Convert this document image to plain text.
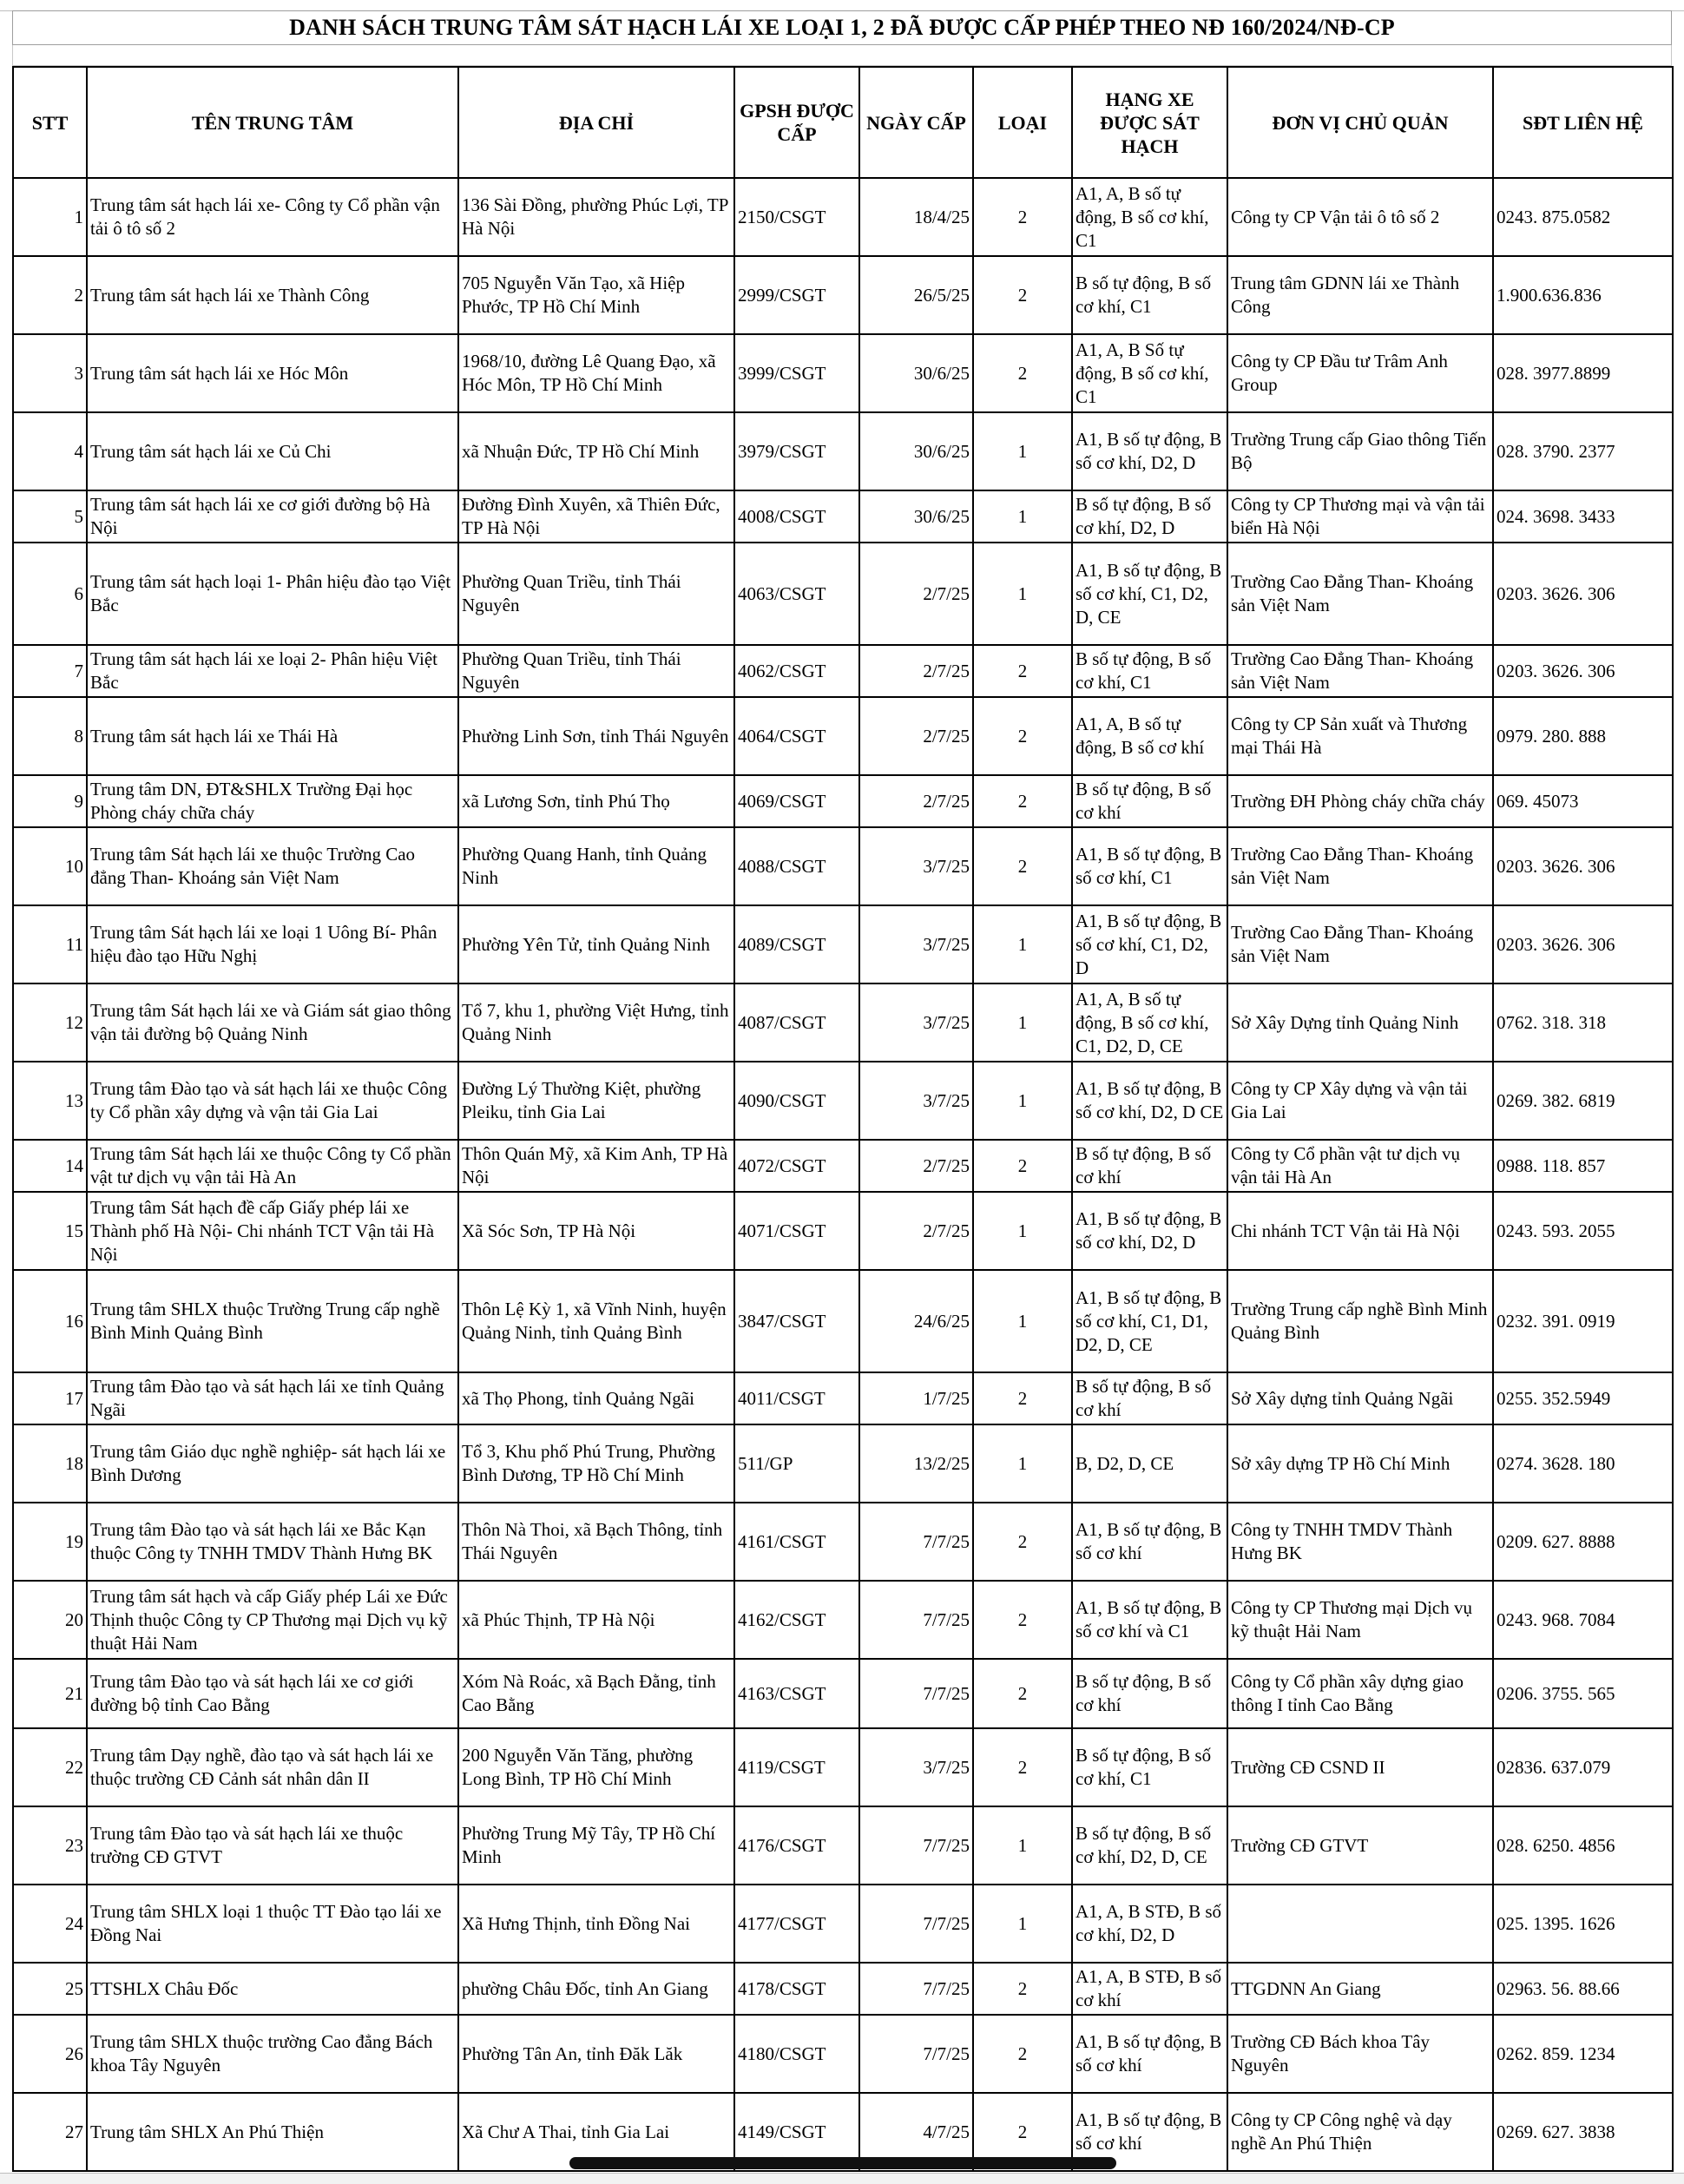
DANH SÁCH TRUNG TÂM SÁT HẠCH LÁI XE LOẠI 1, 2 ĐÃ ĐƯỢC CẤP PHÉP THEO NĐ 160/2024/NĐ-CP
STT	TÊN TRUNG TÂM	ĐỊA CHỈ	GPSH ĐƯỢC CẤP	NGÀY CẤP	LOẠI	HẠNG XE ĐƯỢC SÁT HẠCH	ĐƠN VỊ CHỦ QUẢN	SĐT LIÊN HỆ
1	Trung tâm sát hạch lái xe- Công ty Cổ phần vận tải ô tô số 2	136 Sài Đồng, phường Phúc Lợi, TP Hà Nội	2150/CSGT	18/4/25	2	A1, A, B số tự động, B số cơ khí, C1	Công ty CP Vận tải ô tô số 2	0243. 875.0582
2	Trung tâm sát hạch lái xe Thành Công	705 Nguyễn Văn Tạo, xã Hiệp Phước, TP Hồ Chí Minh	2999/CSGT	26/5/25	2	B số tự động, B số cơ khí, C1	Trung tâm GDNN lái xe Thành Công	1.900.636.836
3	Trung tâm sát hạch lái xe Hóc Môn	1968/10, đường Lê Quang Đạo, xã Hóc Môn, TP Hồ Chí Minh	3999/CSGT	30/6/25	2	A1, A, B Số tự động, B số cơ khí, C1	Công ty CP Đầu tư Trâm Anh Group	028. 3977.8899
4	Trung tâm sát hạch lái xe Củ Chi	xã Nhuận Đức, TP Hồ Chí Minh	3979/CSGT	30/6/25	1	A1, B số tự động, B số cơ khí, D2, D	Trường Trung cấp Giao thông Tiến Bộ	028. 3790. 2377
5	Trung tâm sát hạch lái xe cơ giới đường bộ Hà Nội	Đường Đình Xuyên, xã Thiên Đức, TP Hà Nội	4008/CSGT	30/6/25	1	B số tự động, B số cơ khí, D2, D	Công ty CP Thương mại và vận tải biển Hà Nội	024. 3698. 3433
6	Trung tâm sát hạch loại 1- Phân hiệu đào tạo Việt Bắc	Phường Quan Triều, tỉnh Thái Nguyên	4063/CSGT	2/7/25	1	A1, B số tự động, B số cơ khí, C1, D2, D, CE	Trường Cao Đẳng Than- Khoáng sản Việt Nam	0203. 3626. 306
7	Trung tâm sát hạch lái xe loại 2- Phân hiệu Việt Bắc	Phường Quan Triều, tỉnh Thái Nguyên	4062/CSGT	2/7/25	2	B số tự động, B số cơ khí, C1	Trường Cao Đẳng Than- Khoáng sản Việt Nam	0203. 3626. 306
8	Trung tâm sát hạch lái xe Thái Hà	Phường Linh Sơn, tỉnh Thái Nguyên	4064/CSGT	2/7/25	2	A1, A, B số tự động, B số cơ khí	Công ty CP Sản xuất và Thương mại Thái Hà	0979. 280. 888
9	Trung tâm DN, ĐT&SHLX Trường Đại học Phòng cháy chữa cháy	xã Lương Sơn, tỉnh Phú Thọ	4069/CSGT	2/7/25	2	B số tự động, B số cơ khí	Trường ĐH Phòng cháy chữa cháy	069. 45073
10	Trung tâm Sát hạch lái xe thuộc Trường Cao đẳng Than- Khoáng sản Việt Nam	Phường Quang Hanh, tỉnh Quảng Ninh	4088/CSGT	3/7/25	2	A1, B số tự động, B số cơ khí, C1	Trường Cao Đẳng Than- Khoáng sản Việt Nam	0203. 3626. 306
11	Trung tâm Sát hạch lái xe loại 1 Uông Bí- Phân hiệu đào tạo Hữu Nghị	Phường Yên Tử, tỉnh Quảng Ninh	4089/CSGT	3/7/25	1	A1, B số tự động, B số cơ khí, C1, D2, D	Trường Cao Đẳng Than- Khoáng sản Việt Nam	0203. 3626. 306
12	Trung tâm Sát hạch lái xe và Giám sát giao thông vận tải đường bộ Quảng Ninh	Tổ 7, khu 1, phường Việt Hưng, tỉnh Quảng Ninh	4087/CSGT	3/7/25	1	A1, A, B số tự động, B số cơ khí, C1, D2, D, CE	Sở Xây Dựng tỉnh Quảng Ninh	0762. 318. 318
13	Trung tâm Đào tạo và sát hạch lái xe thuộc Công ty Cổ phần xây dựng và vận tải Gia Lai	Đường Lý Thường Kiệt, phường Pleiku, tỉnh Gia Lai	4090/CSGT	3/7/25	1	A1, B số tự động, B số cơ khí, D2, D CE	Công ty CP Xây dựng và vận tải Gia Lai	0269. 382. 6819
14	Trung tâm Sát hạch lái xe thuộc Công ty Cổ phần vật tư dịch vụ vận tải Hà An	Thôn Quán Mỹ, xã Kim Anh, TP Hà Nội	4072/CSGT	2/7/25	2	B số tự động, B số cơ khí	Công ty Cổ phần vật tư dịch vụ vận tải Hà An	0988. 118. 857
15	Trung tâm Sát hạch đề cấp Giấy phép lái xe Thành phố Hà Nội- Chi nhánh TCT Vận tải Hà Nội	Xã Sóc Sơn, TP Hà Nội	4071/CSGT	2/7/25	1	A1, B số tự động, B số cơ khí, D2, D	Chi nhánh TCT Vận tải Hà Nội	0243. 593. 2055
16	Trung tâm SHLX thuộc Trường Trung cấp nghề Bình Minh Quảng Bình	Thôn Lệ Kỳ 1, xã Vĩnh Ninh, huyện Quảng Ninh, tỉnh Quảng Bình	3847/CSGT	24/6/25	1	A1, B số tự động, B số cơ khí, C1, D1, D2, D, CE	Trường Trung cấp nghề Bình Minh Quảng Bình	0232. 391. 0919
17	Trung tâm Đào tạo và sát hạch lái xe tỉnh Quảng Ngãi	xã Thọ Phong, tỉnh Quảng Ngãi	4011/CSGT	1/7/25	2	B số tự động, B số cơ khí	Sở Xây dựng tỉnh Quảng Ngãi	0255. 352.5949
18	Trung tâm Giáo dục nghề nghiệp- sát hạch lái xe Bình Dương	Tổ 3, Khu phố Phú Trung, Phường Bình Dương, TP Hồ Chí Minh	511/GP	13/2/25	1	B, D2, D, CE	Sở xây dựng TP Hồ Chí Minh	0274. 3628. 180
19	Trung tâm Đào tạo và sát hạch lái xe Bắc Kạn thuộc Công ty TNHH TMDV Thành Hưng BK	Thôn Nà Thoi, xã Bạch Thông, tỉnh Thái Nguyên	4161/CSGT	7/7/25	2	A1, B số tự động, B số cơ khí	Công ty TNHH TMDV Thành Hưng BK	0209. 627. 8888
20	Trung tâm sát hạch và cấp Giấy phép Lái xe Đức Thịnh thuộc Công ty CP Thương mại Dịch vụ kỹ thuật Hải Nam	xã Phúc Thịnh, TP Hà Nội	4162/CSGT	7/7/25	2	A1, B số tự động, B số cơ khí và C1	Công ty CP Thương mại Dịch vụ kỹ thuật Hải Nam	0243. 968. 7084
21	Trung tâm Đào tạo và sát hạch lái xe cơ giới đường bộ tỉnh Cao Bằng	Xóm Nà Roác, xã Bạch Đằng, tỉnh Cao Bằng	4163/CSGT	7/7/25	2	B số tự động, B số cơ khí	Công ty Cổ phần xây dựng giao thông I tỉnh Cao Bằng	0206. 3755. 565
22	Trung tâm Dạy nghề, đào tạo và sát hạch lái xe thuộc trường CĐ Cảnh sát nhân dân II	200 Nguyễn Văn Tăng, phường Long Bình, TP Hồ Chí Minh	4119/CSGT	3/7/25	2	B số tự động, B số cơ khí, C1	Trường CĐ CSND II	02836. 637.079
23	Trung tâm Đào tạo và sát hạch lái xe thuộc trường CĐ GTVT	Phường Trung Mỹ Tây, TP Hồ Chí Minh	4176/CSGT	7/7/25	1	B số tự động, B số cơ khí, D2, D, CE	Trường CĐ GTVT	028. 6250. 4856
24	Trung tâm SHLX loại 1 thuộc TT Đào tạo lái xe Đồng Nai	Xã Hưng Thịnh, tỉnh Đồng Nai	4177/CSGT	7/7/25	1	A1, A, B STĐ, B số cơ khí, D2, D		025. 1395. 1626
25	TTSHLX Châu Đốc	phường Châu Đốc, tỉnh An Giang	4178/CSGT	7/7/25	2	A1, A, B STĐ, B số cơ khí	TTGDNN An Giang	02963. 56. 88.66
26	Trung tâm SHLX thuộc trường Cao đẳng Bách khoa Tây Nguyên	Phường Tân An, tỉnh Đăk Lăk	4180/CSGT	7/7/25	2	A1, B số tự động, B số cơ khí	Trường CĐ Bách khoa Tây Nguyên	0262. 859. 1234
27	Trung tâm SHLX An Phú Thiện	Xã Chư A Thai, tỉnh Gia Lai	4149/CSGT	4/7/25	2	A1, B số tự động, B số cơ khí	Công ty CP Công nghệ và dạy nghề An Phú Thiện	0269. 627. 3838
